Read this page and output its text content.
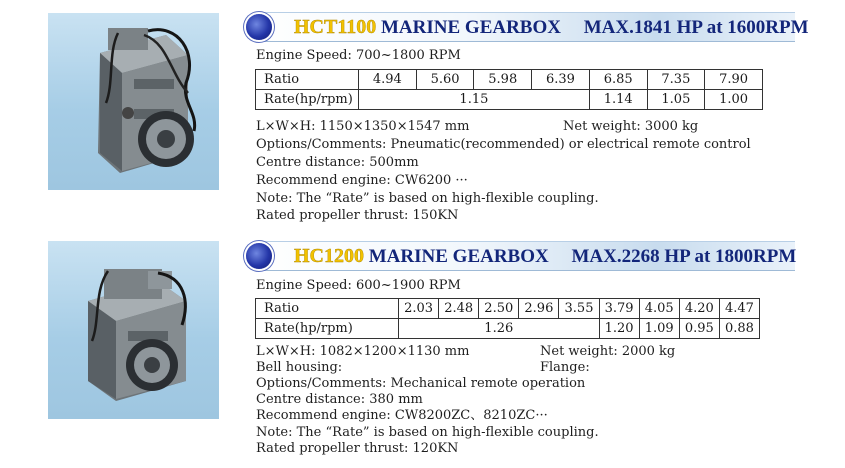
HCT1100 MARINE GEARBOX MAX.1841 HP at 1600RPM
Engine Speed: 700~1800 RPM
Ratio	4.94	5.60	5.98	6.39	6.85	7.35	7.90
Rate(hp/rpm)	1.15				1.14	1.05	1.00
L×W×H: 1150×1350×1547 mm	Net weight: 3000 kg
Options/Comments: Pneumatic(recommended) or electrical remote control
Centre distance: 500mm
Recommend engine: CW6200 ···
Note: The “Rate” is based on high-flexible coupling.
Rated propeller thrust: 150KN
HC1200 MARINE GEARBOX MAX.2268 HP at 1800RPM
Engine Speed: 600~1900 RPM
Ratio	2.03	2.48	2.50	2.96	3.55	3.79	4.05	4.20	4.47
Rate(hp/rpm)	1.26					1.20	1.09	0.95	0.88
L×W×H: 1082×1200×1130 mm	Net weight: 2000 kg
Bell housing:	Flange:
Options/Comments: Mechanical remote operation
Centre distance: 380 mm
Recommend engine: CW8200ZC、8210ZC···
Note: The “Rate” is based on high-flexible coupling.
Rated propeller thrust: 120KN
